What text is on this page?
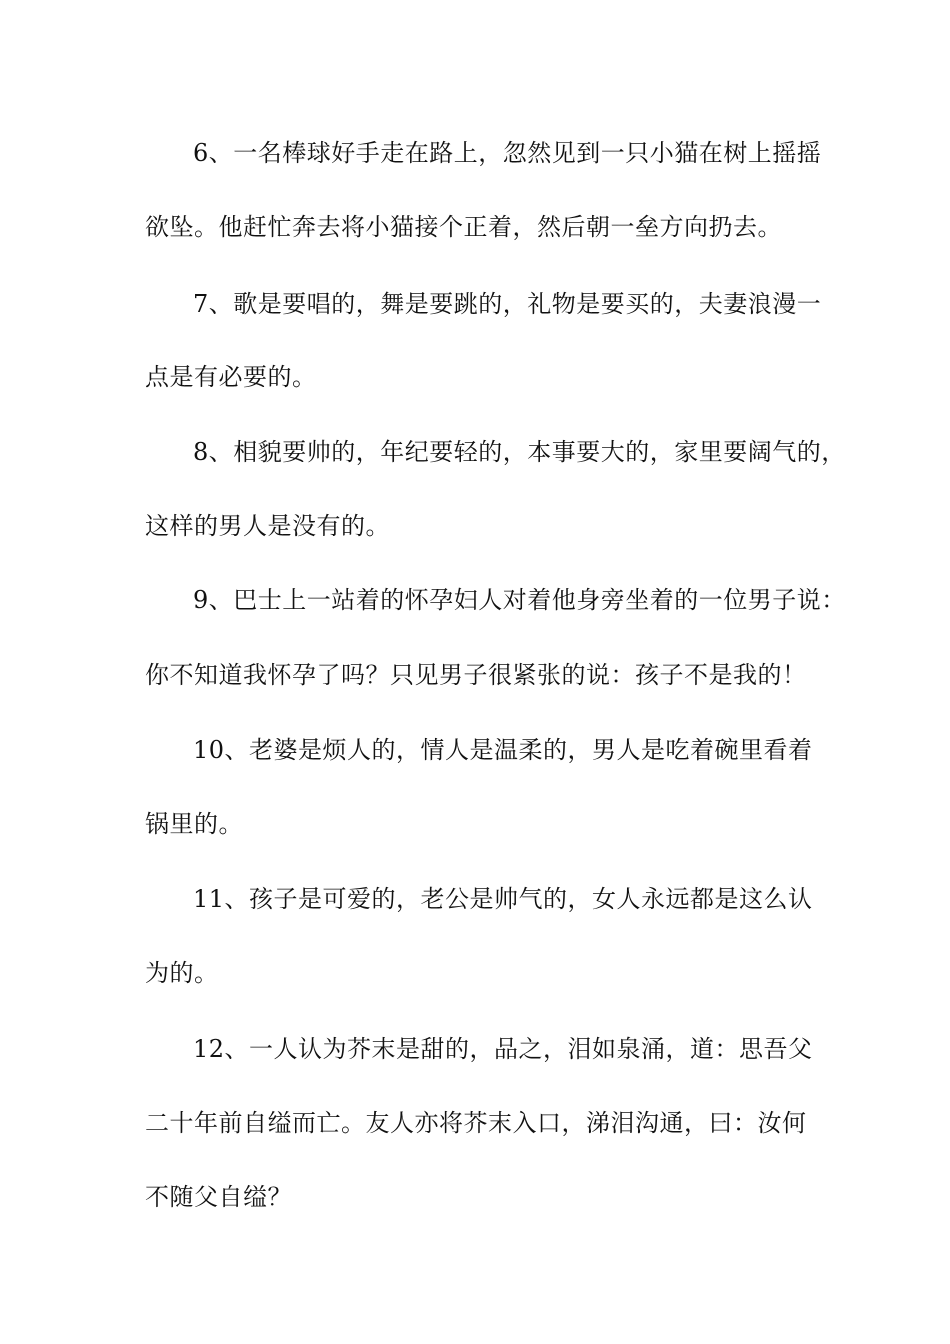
6、一名棒球好手走在路上，忽然见到一只小猫在树上摇摇
欲坠。他赶忙奔去将小猫接个正着，然后朝一垒方向扔去。
7、歌是要唱的，舞是要跳的，礼物是要买的，夫妻浪漫一
点是有必要的。
8、相貌要帅的，年纪要轻的，本事要大的，家里要阔气的，
这样的男人是没有的。
9、巴士上一站着的怀孕妇人对着他身旁坐着的一位男子说：
你不知道我怀孕了吗？只见男子很紧张的说：孩子不是我的！
10、老婆是烦人的，情人是温柔的，男人是吃着碗里看着
锅里的。
11、孩子是可爱的，老公是帅气的，女人永远都是这么认
为的。
12、一人认为芥末是甜的，品之，泪如泉涌，道：思吾父
二十年前自缢而亡。友人亦将芥末入口，涕泪沟通，曰：汝何
不随父自缢？
